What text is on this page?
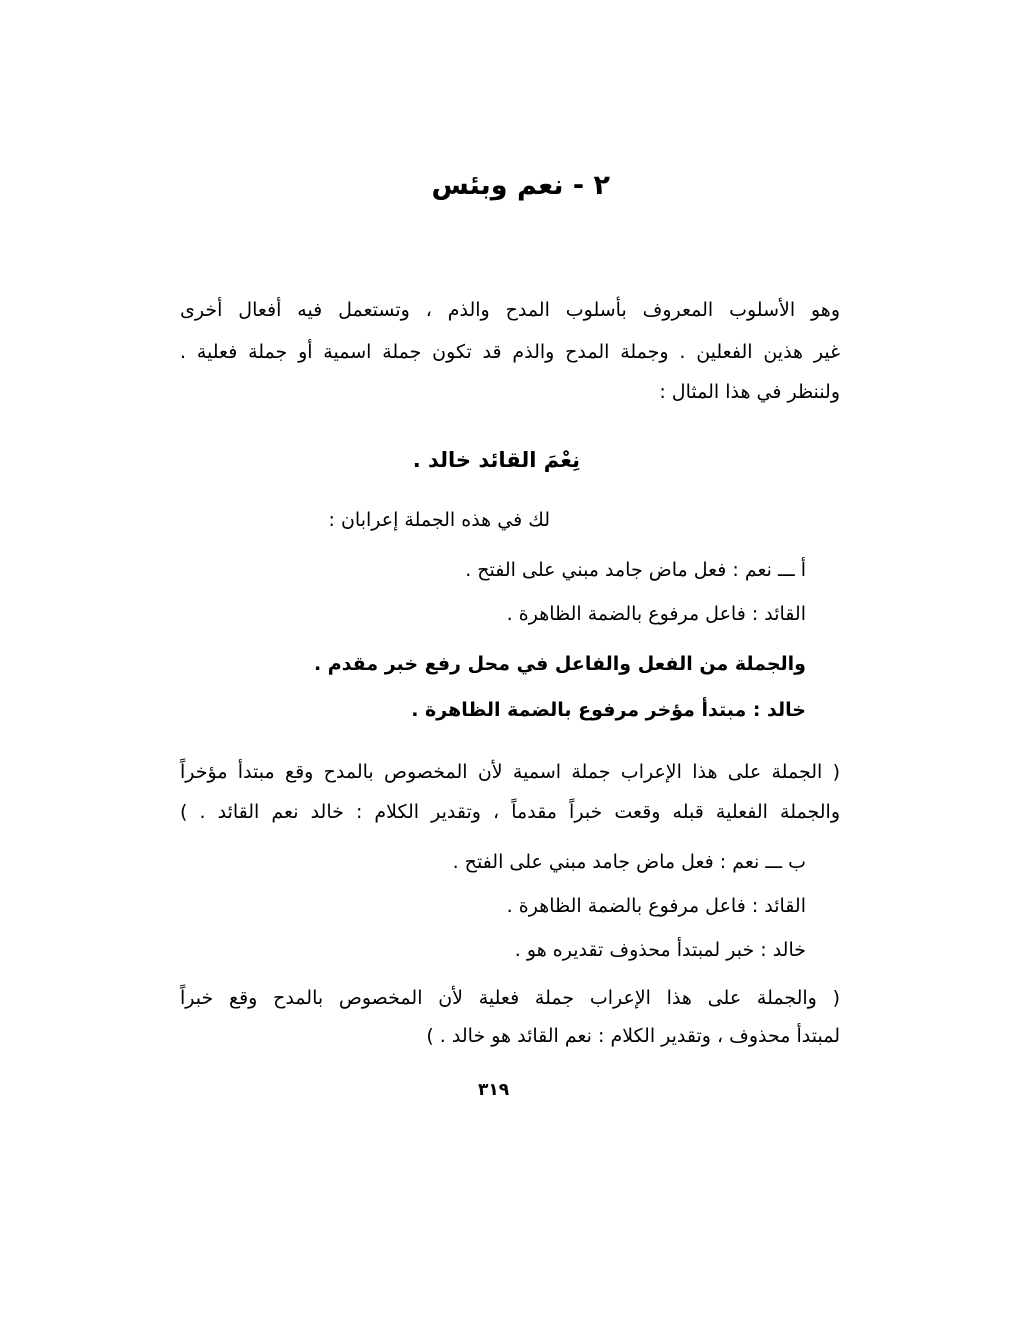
٢ - نعم وبئس
وهو الأسلوب المعروف بأسلوب المدح والذم ، وتستعمل فيه أفعال أخرى
غير هذين الفعلين . وجملة المدح والذم قد تكون جملة اسمية أو جملة فعلية .
ولننظر في هذا المثال :
نِعْمَ القائد خالد .
لك في هذه الجملة إعرابان :
أ ـــ نعم : فعل ماض جامد مبني على الفتح .
القائد : فاعل مرفوع بالضمة الظاهرة .
والجملة من الفعل والفاعل في محل رفع خبر مقدم .
خالد : مبتدأ مؤخر مرفوع بالضمة الظاهرة .
( الجملة على هذا الإعراب جملة اسمية لأن المخصوص بالمدح وقع مبتدأ مؤخراً
والجملة الفعلية قبله وقعت خبراً مقدماً ، وتقدير الكلام : خالد نعم القائد . )
ب ـــ نعم : فعل ماض جامد مبني على الفتح .
القائد : فاعل مرفوع بالضمة الظاهرة .
خالد : خبر لمبتدأ محذوف تقديره هو .
( والجملة على هذا الإعراب جملة فعلية لأن المخصوص بالمدح وقع خبراً
لمبتدأ محذوف ، وتقدير الكلام : نعم القائد هو خالد . )
٣١٩
